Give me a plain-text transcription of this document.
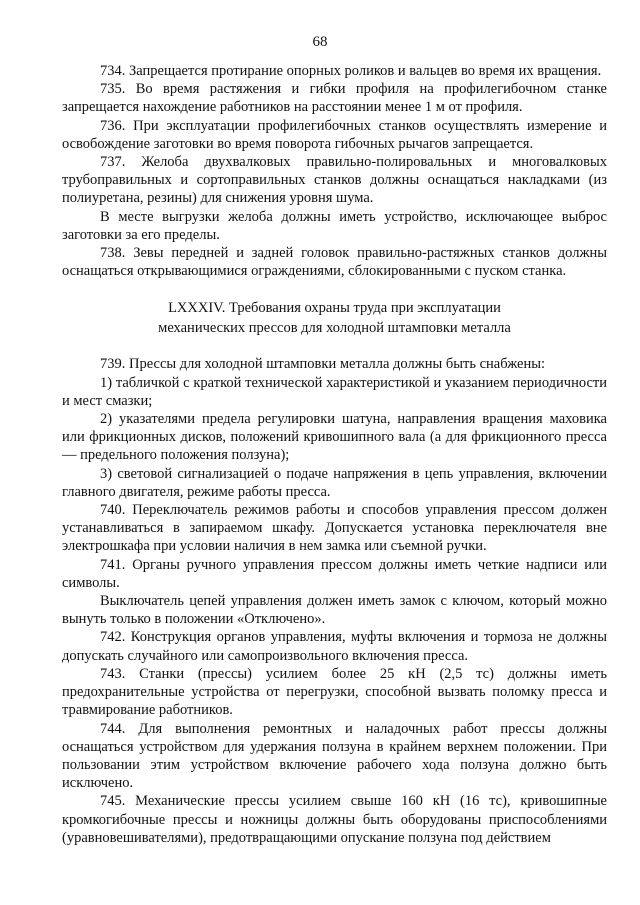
68

734. Запрещается протирание опорных роликов и вальцев во время их вращения.

735. Во время растяжения и гибки профиля на профилегибочном станке запрещается нахождение работников на расстоянии менее 1 м от профиля.

736. При эксплуатации профилегибочных станков осуществлять измерение и освобождение заготовки во время поворота гибочных рычагов запрещается.

737. Желоба двухвалковых правильно-полировальных и многовалковых трубоправильных и сортоправильных станков должны оснащаться накладками (из полиуретана, резины) для снижения уровня шума.

В месте выгрузки желоба должны иметь устройство, исключающее выброс заготовки за его пределы.

738. Зевы передней и задней головок правильно-растяжных станков должны оснащаться открывающимися ограждениями, сблокированными с пуском станка.

LXXXIV. Требования охраны труда при эксплуатации
механических прессов для холодной штамповки металла

739. Прессы для холодной штамповки металла должны быть снабжены:

1) табличкой с краткой технической характеристикой и указанием периодичности и мест смазки;

2) указателями предела регулировки шатуна, направления вращения маховика или фрикционных дисков, положений кривошипного вала (а для фрикционного пресса — предельного положения ползуна);

3) световой сигнализацией о подаче напряжения в цепь управления, включении главного двигателя, режиме работы пресса.

740. Переключатель режимов работы и способов управления прессом должен устанавливаться в запираемом шкафу. Допускается установка переключателя вне электрошкафа при условии наличия в нем замка или съемной ручки.

741. Органы ручного управления прессом должны иметь четкие надписи или символы.

Выключатель цепей управления должен иметь замок с ключом, который можно вынуть только в положении «Отключено».

742. Конструкция органов управления, муфты включения и тормоза не должны допускать случайного или самопроизвольного включения пресса.

743. Станки (прессы) усилием более 25 кН (2,5 тс) должны иметь предохранительные устройства от перегрузки, способной вызвать поломку пресса и травмирование работников.

744. Для выполнения ремонтных и наладочных работ прессы должны оснащаться устройством для удержания ползуна в крайнем верхнем положении. При пользовании этим устройством включение рабочего хода ползуна должно быть исключено.

745. Механические прессы усилием свыше 160 кН (16 тс), кривошипные кромкогибочные прессы и ножницы должны быть оборудованы приспособлениями (уравновешивателями), предотвращающими опускание ползуна под действием
